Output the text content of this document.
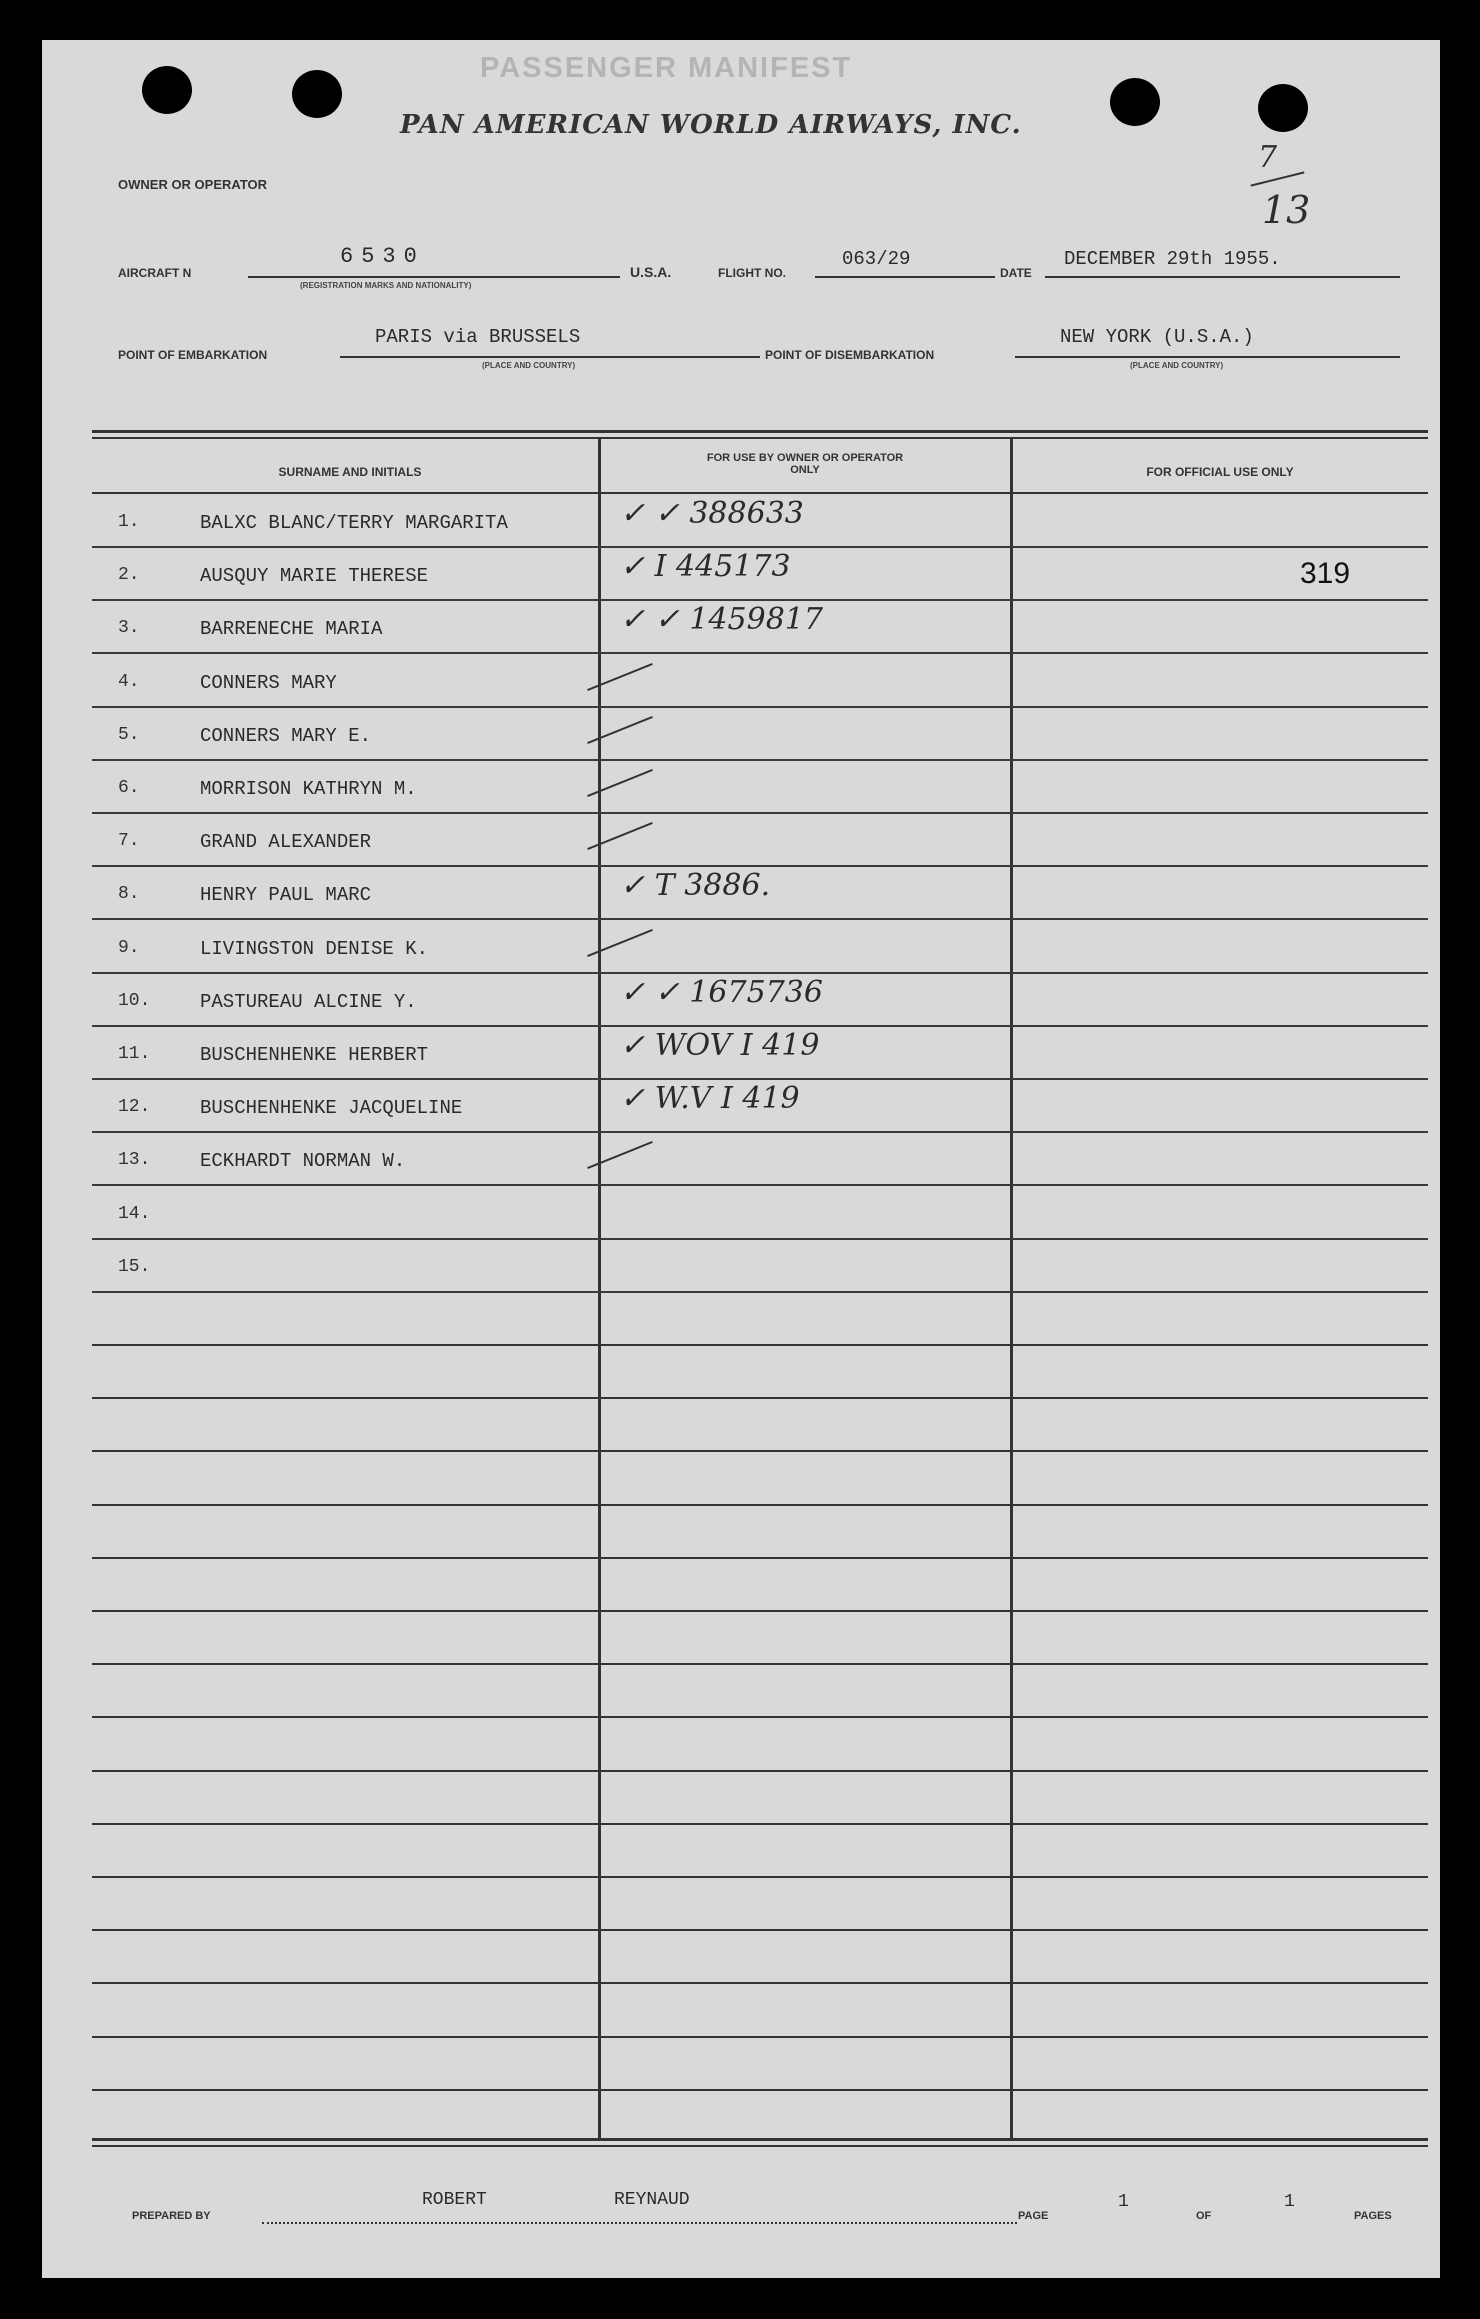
PASSENGER MANIFEST
OWNER OR OPERATOR
PAN AMERICAN WORLD AIRWAYS, INC.
7
13
AIRCRAFT N
6530
(REGISTRATION MARKS AND NATIONALITY)
U.S.A.	FLIGHT NO.
063/29
DATE
DECEMBER 29th 1955.
POINT OF EMBARKATION
PARIS via BRUSSELS
(PLACE AND COUNTRY)
POINT OF DISEMBARKATION
NEW YORK (U.S.A.)
(PLACE AND COUNTRY)
SURNAME AND INITIALS
FOR USE BY OWNER OR OPERATOR ONLY	FOR OFFICIAL USE ONLY
1.	BALXC BLANC/TERRY MARGARITA	✓ ✓ 388633
2.	AUSQUY MARIE THERESE	✓ I 445173	319
3.	BARRENECHE MARIA	✓ ✓ 1459817
4.	CONNERS MARY
5.	CONNERS MARY E.
6.	MORRISON KATHRYN M.
7.	GRAND ALEXANDER
8.	HENRY PAUL MARC	✓ T 3886.
9.	LIVINGSTON DENISE K.
10.	PASTUREAU ALCINE Y.	✓ ✓ 1675736
11.	BUSCHENHENKE HERBERT	✓ WOV I 419
12.	BUSCHENHENKE JACQUELINE	✓ W.V I 419
13.	ECKHARDT NORMAN W.
14.
15.
PREPARED BY
ROBERT	REYNAUD
PAGE
1
OF
1
PAGES
